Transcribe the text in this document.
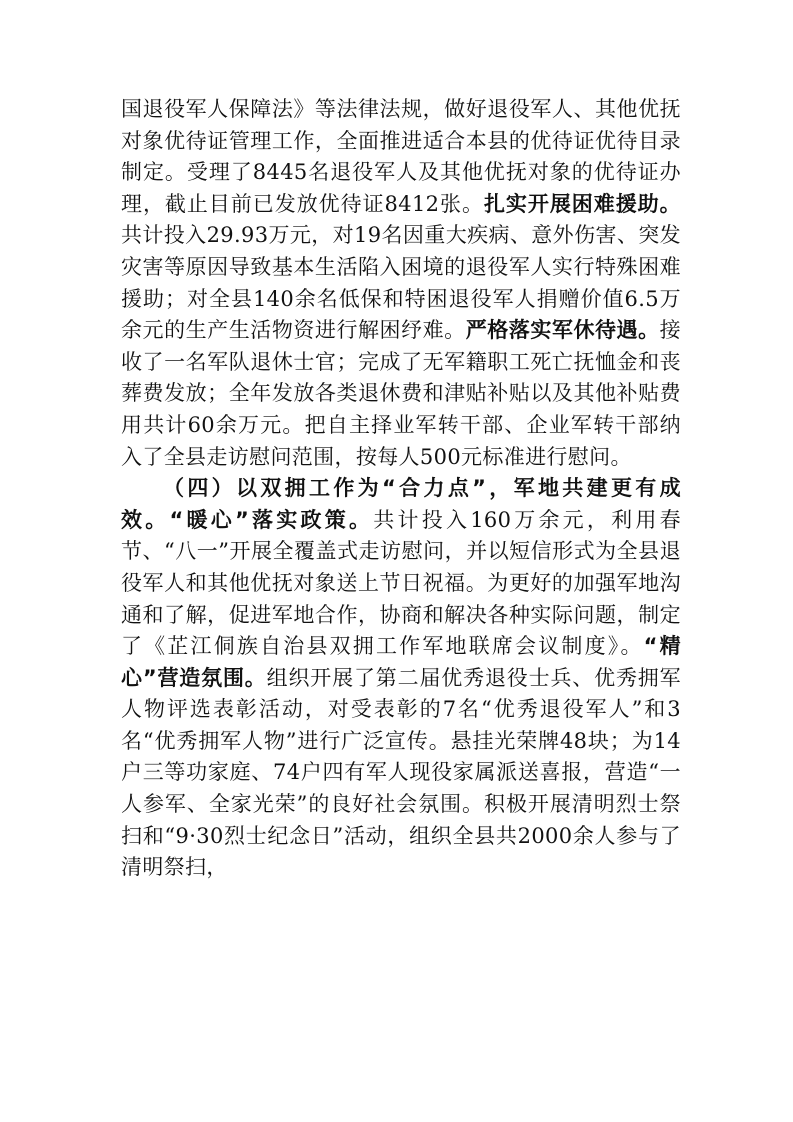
国退役军人保障法》等法律法规，做好退役军人、其他优抚对象优待证管理工作，全面推进适合本县的优待证优待目录制定。受理了8445名退役军人及其他优抚对象的优待证办理，截止目前已发放优待证8412张。扎实开展困难援助。共计投入29.93万元，对19名因重大疾病、意外伤害、突发灾害等原因导致基本生活陷入困境的退役军人实行特殊困难援助；对全县140余名低保和特困退役军人捐赠价值6.5万余元的生产生活物资进行解困纾难。严格落实军休待遇。接收了一名军队退休士官；完成了无军籍职工死亡抚恤金和丧葬费发放；全年发放各类退休费和津贴补贴以及其他补贴费用共计60余万元。把自主择业军转干部、企业军转干部纳入了全县走访慰问范围，按每人500元标准进行慰问。

（四）以双拥工作为“合力点”，军地共建更有成效。“暖心”落实政策。共计投入160万余元，利用春节、“八一”开展全覆盖式走访慰问，并以短信形式为全县退役军人和其他优抚对象送上节日祝福。为更好的加强军地沟通和了解，促进军地合作，协商和解决各种实际问题，制定了《芷江侗族自治县双拥工作军地联席会议制度》。“精心”营造氛围。组织开展了第二届优秀退役士兵、优秀拥军人物评选表彰活动，对受表彰的7名“优秀退役军人”和3名“优秀拥军人物”进行广泛宣传。悬挂光荣牌48块；为14户三等功家庭、74户四有军人现役家属派送喜报，营造“一人参军、全家光荣”的良好社会氛围。积极开展清明烈士祭扫和“9·30烈士纪念日”活动，组织全县共2000余人参与了清明祭扫，
